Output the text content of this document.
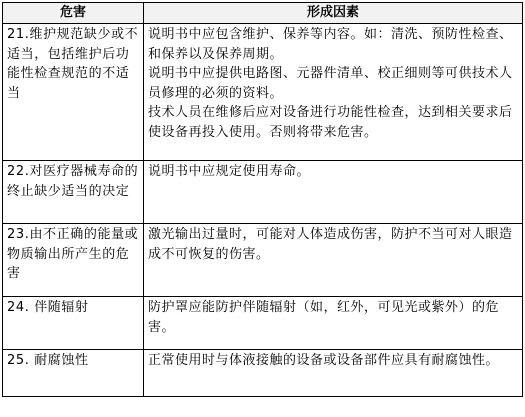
危害	形成因素
21.维护规范缺少或不适当，包括维护后功能性检查规范的不适当	说明书中应包含维护、保养等内容。如：清洗、预防性检查、和保养以及保养周期。
说明书中应提供电路图、元器件清单、校正细则等可供技术人员修理的必须的资料。
技术人员在维修后应对设备进行功能性检查，达到相关要求后使设备再投入使用。否则将带来危害。

22.对医疗器械寿命的终止缺少适当的决定	说明书中应规定使用寿命。

23.由不正确的能量或物质输出所产生的危害	激光输出过量时，可能对人体造成伤害，防护不当可对人眼造成不可恢复的伤害。

24. 伴随辐射	防护罩应能防护伴随辐射（如，红外，可见光或紫外）的危害。

25. 耐腐蚀性	正常使用时与体液接触的设备或设备部件应具有耐腐蚀性。
